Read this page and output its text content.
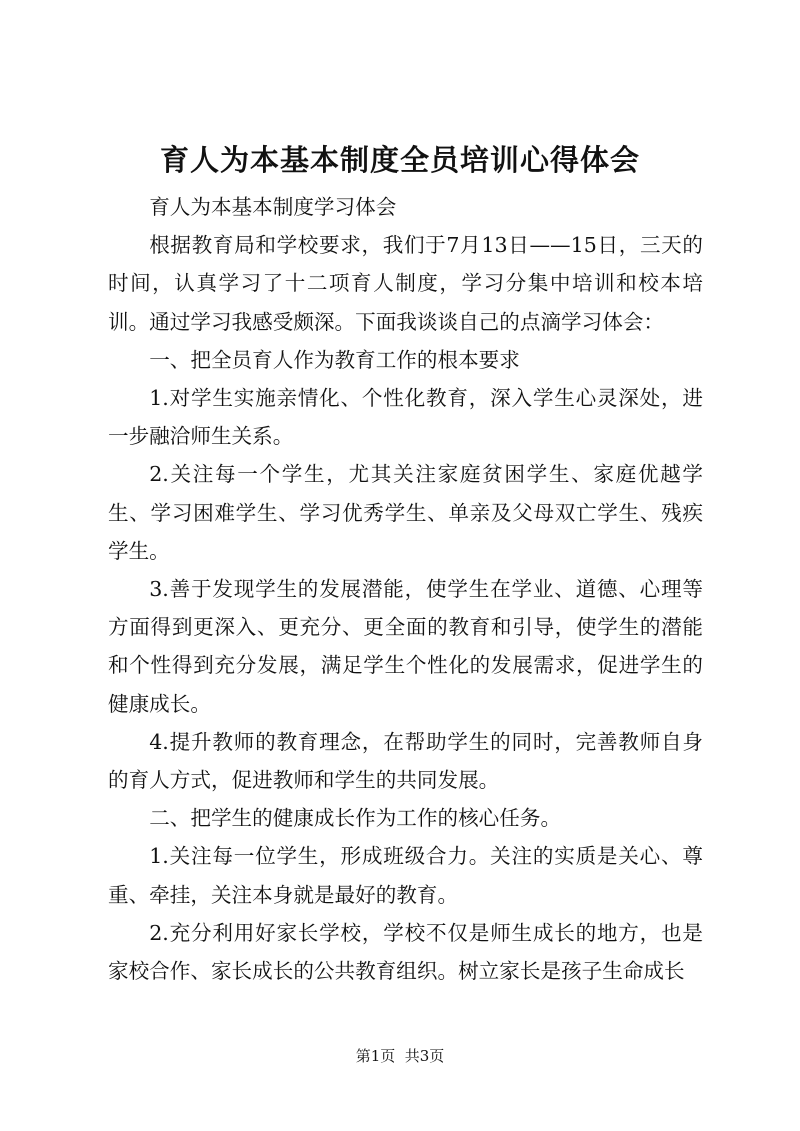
育人为本基本制度全员培训心得体会

育人为本基本制度学习体会

根据教育局和学校要求，我们于7月13日——15日，三天的时间，认真学习了十二项育人制度，学习分集中培训和校本培训。通过学习我感受颇深。下面我谈谈自己的点滴学习体会：

一、把全员育人作为教育工作的根本要求

1.对学生实施亲情化、个性化教育，深入学生心灵深处，进一步融洽师生关系。

2.关注每一个学生，尤其关注家庭贫困学生、家庭优越学生、学习困难学生、学习优秀学生、单亲及父母双亡学生、残疾学生。

3.善于发现学生的发展潜能，使学生在学业、道德、心理等方面得到更深入、更充分、更全面的教育和引导，使学生的潜能和个性得到充分发展，满足学生个性化的发展需求，促进学生的健康成长。

4.提升教师的教育理念，在帮助学生的同时，完善教师自身的育人方式，促进教师和学生的共同发展。

二、把学生的健康成长作为工作的核心任务。

1.关注每一位学生，形成班级合力。关注的实质是关心、尊重、牵挂，关注本身就是最好的教育。

2.充分利用好家长学校，学校不仅是师生成长的地方，也是家校合作、家长成长的公共教育组织。树立家长是孩子生命成长

第1页  共3页
